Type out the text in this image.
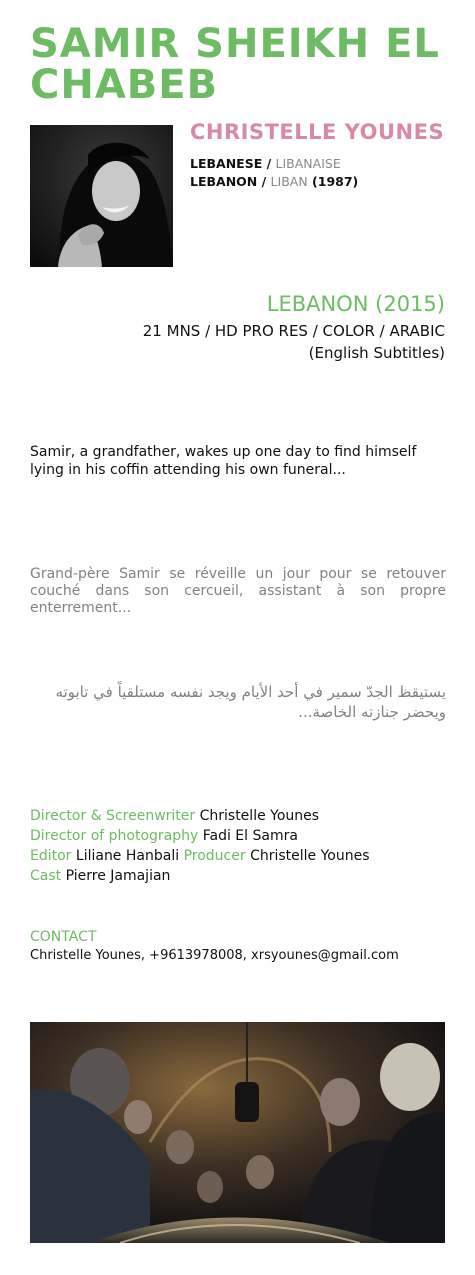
SAMIR SHEIKH EL CHABEB
CHRISTELLE YOUNES
LEBANESE / LIBANAISE
LEBANON / LIBAN (1987)
LEBANON (2015)
21 MNS / HD PRO RES / COLOR / ARABIC
(English Subtitles)

Samir, a grandfather, wakes up one day to find himself lying in his coffin attending his own funeral...

Grand-père Samir se réveille un jour pour se retouver couché dans son cercueil, assistant à son propre enterrement...

يستيقظ الجدّ سمير في أحد الأيام ويجد نفسه مستلقياً في تابوته ويحضر جنازته الخاصة...

Director & Screenwriter Christelle Younes
Director of photography Fadi El Samra
Editor Liliane Hanbali Producer Christelle Younes
Cast Pierre Jamajian
CONTACT
Christelle Younes, +9613978008, xrsyounes@gmail.com
